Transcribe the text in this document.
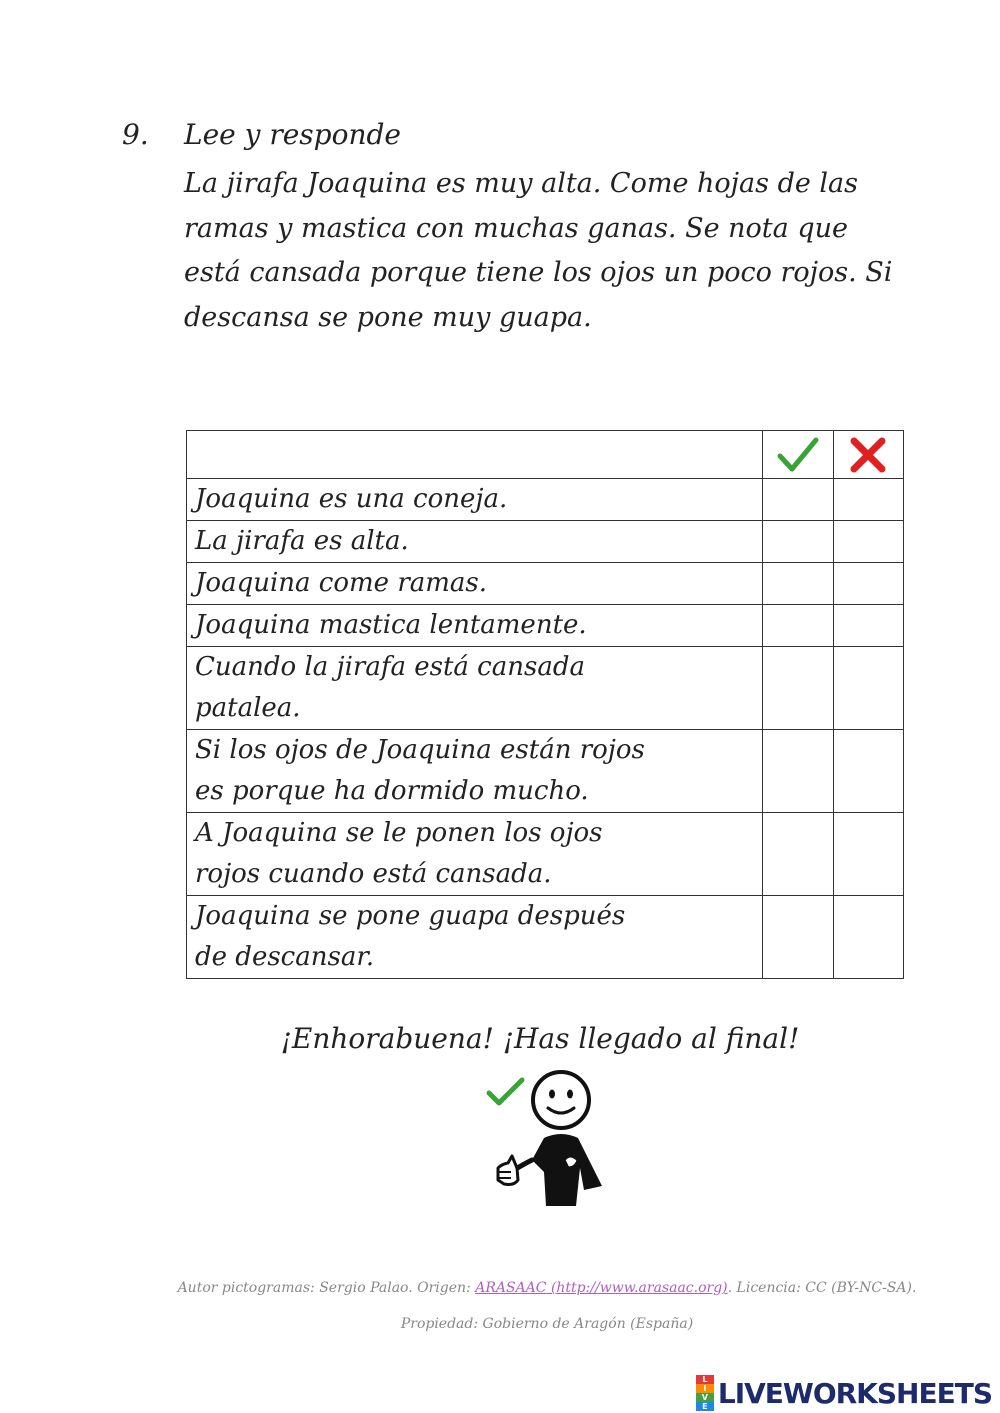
9. Lee y responde

La jirafa Joaquina es muy alta. Come hojas de las ramas y mastica con muchas ganas. Se nota que está cansada porque tiene los ojos un poco rojos. Si descansa se pone muy guapa.

Joaquina es una coneja.		
La jirafa es alta.		
Joaquina come ramas.		
Joaquina mastica lentamente.		
Cuando la jirafa está cansada
patalea.		
Si los ojos de Joaquina están rojos
es porque ha dormido mucho.		
A Joaquina se le ponen los ojos
rojos cuando está cansada.		
Joaquina se pone guapa después
de descansar.		
¡Enhorabuena! ¡Has llegado al final!
Autor pictogramas: Sergio Palao. Origen: ARASAAC (http://www.arasaac.org). Licencia: CC (BY-NC-SA).
Propiedad: Gobierno de Aragón (España)
L
I
V
E LIVEWORKSHEETS
